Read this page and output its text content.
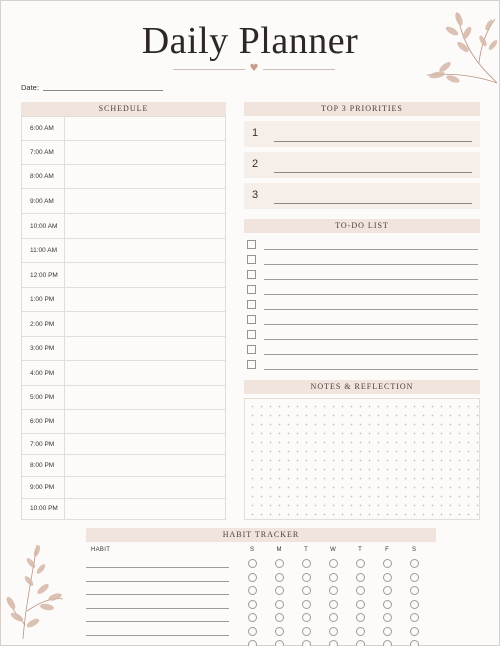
Daily Planner
♥
Date:
SCHEDULE
6:00 AM
7:00 AM
8:00 AM
9:00 AM
10:00 AM
11:00 AM
12:00 PM
1:00 PM
2:00 PM
3:00 PM
4:00 PM
5:00 PM
6:00 PM
7:00 PM
8:00 PM
9:00 PM
10:00 PM
TOP 3 PRIORITIES
1
2
3
TO-DO LIST
NOTES & REFLECTION
HABIT TRACKER
HABIT	S	M	T	W	T	F	S
